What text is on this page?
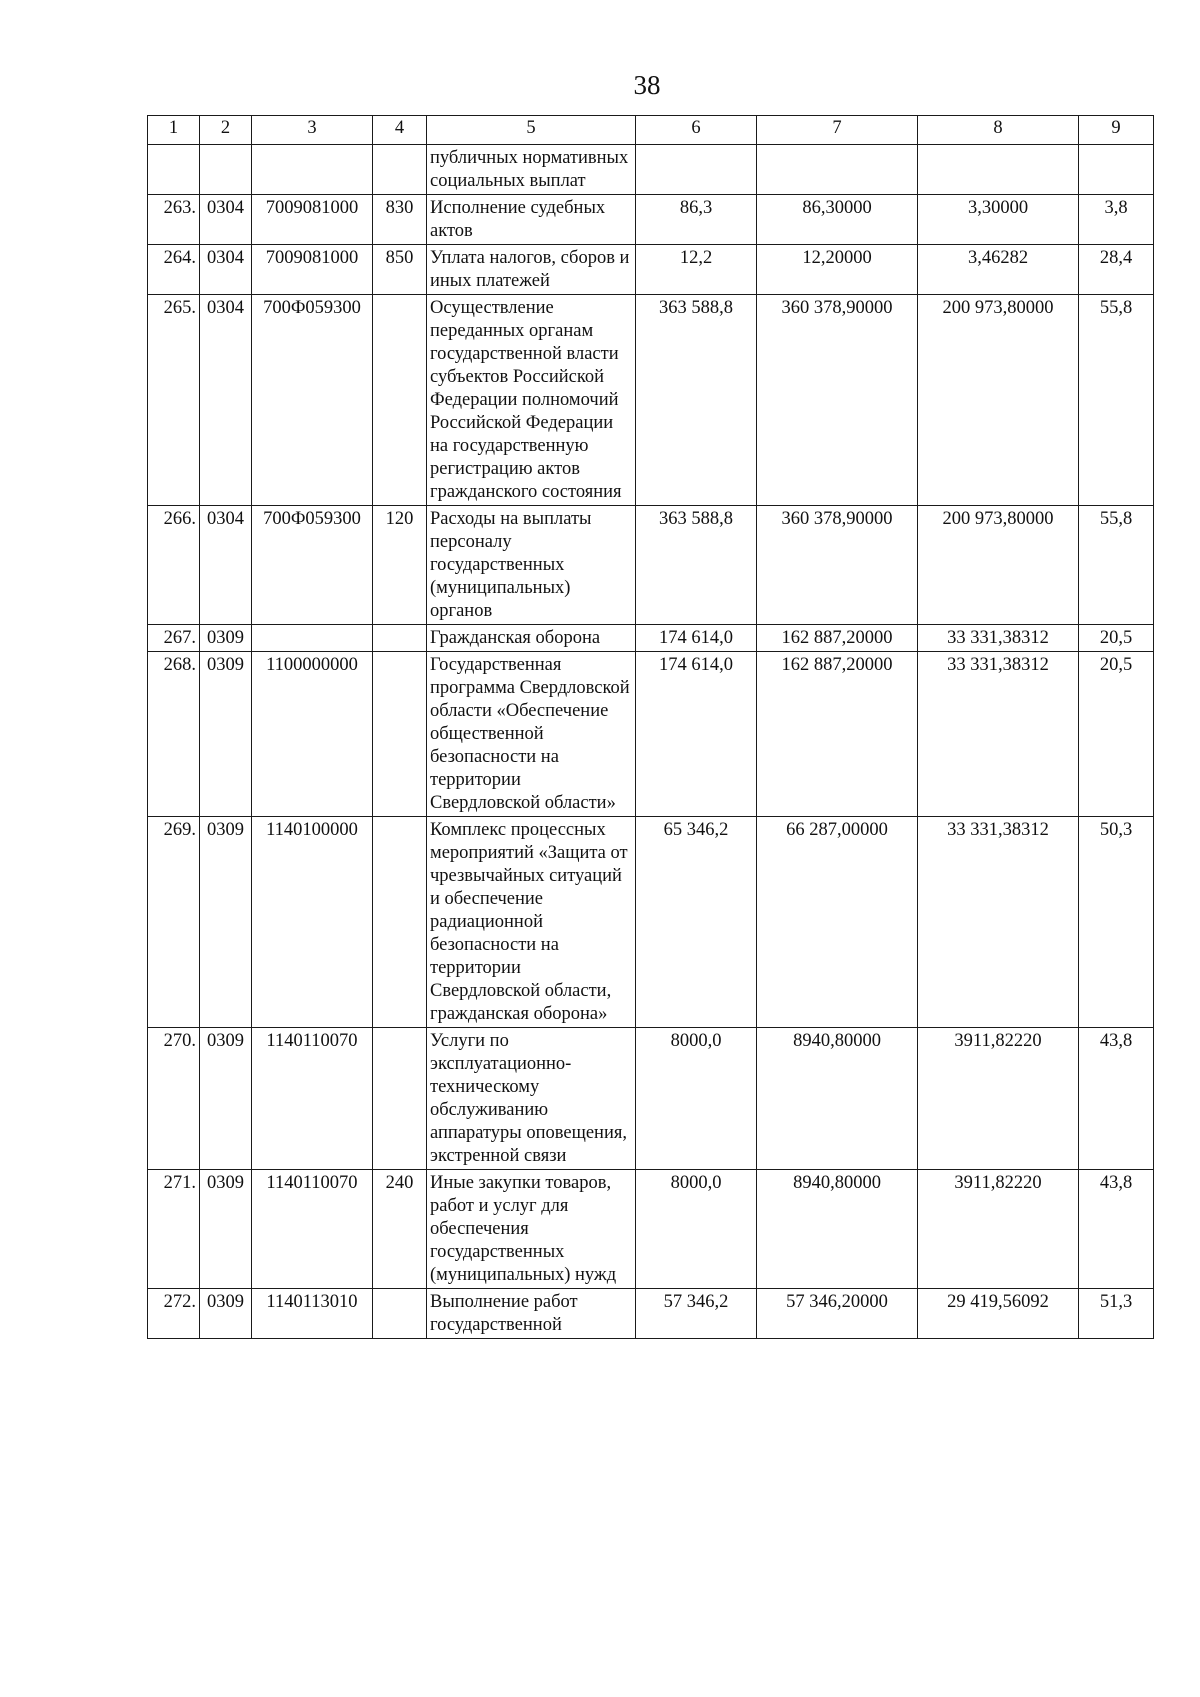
38
1	2	3	4	5	6	7	8	9
				публичных нормативных социальных выплат				
263.	0304	7009081000	830	Исполнение судебных актов	86,3	86,30000	3,30000	3,8
264.	0304	7009081000	850	Уплата налогов, сборов и иных платежей	12,2	12,20000	3,46282	28,4
265.	0304	700Ф059300		Осуществление переданных органам государственной власти субъектов Российской Федерации полномочий Российской Федерации на государственную регистрацию актов гражданского состояния	363 588,8	360 378,90000	200 973,80000	55,8
266.	0304	700Ф059300	120	Расходы на выплаты персоналу государственных (муниципальных) органов	363 588,8	360 378,90000	200 973,80000	55,8
267.	0309			Гражданская оборона	174 614,0	162 887,20000	33 331,38312	20,5
268.	0309	1100000000		Государственная программа Свердловской области «Обеспечение общественной безопасности на территории Свердловской области»	174 614,0	162 887,20000	33 331,38312	20,5
269.	0309	1140100000		Комплекс процессных мероприятий «Защита от чрезвычайных ситуаций и обеспечение радиационной безопасности на территории Свердловской области, гражданская оборона»	65 346,2	66 287,00000	33 331,38312	50,3
270.	0309	1140110070		Услуги по эксплуатационно-техническому обслуживанию аппаратуры оповещения, экстренной связи	8000,0	8940,80000	3911,82220	43,8
271.	0309	1140110070	240	Иные закупки товаров, работ и услуг для обеспечения государственных (муниципальных) нужд	8000,0	8940,80000	3911,82220	43,8
272.	0309	1140113010		Выполнение работ государственной	57 346,2	57 346,20000	29 419,56092	51,3
